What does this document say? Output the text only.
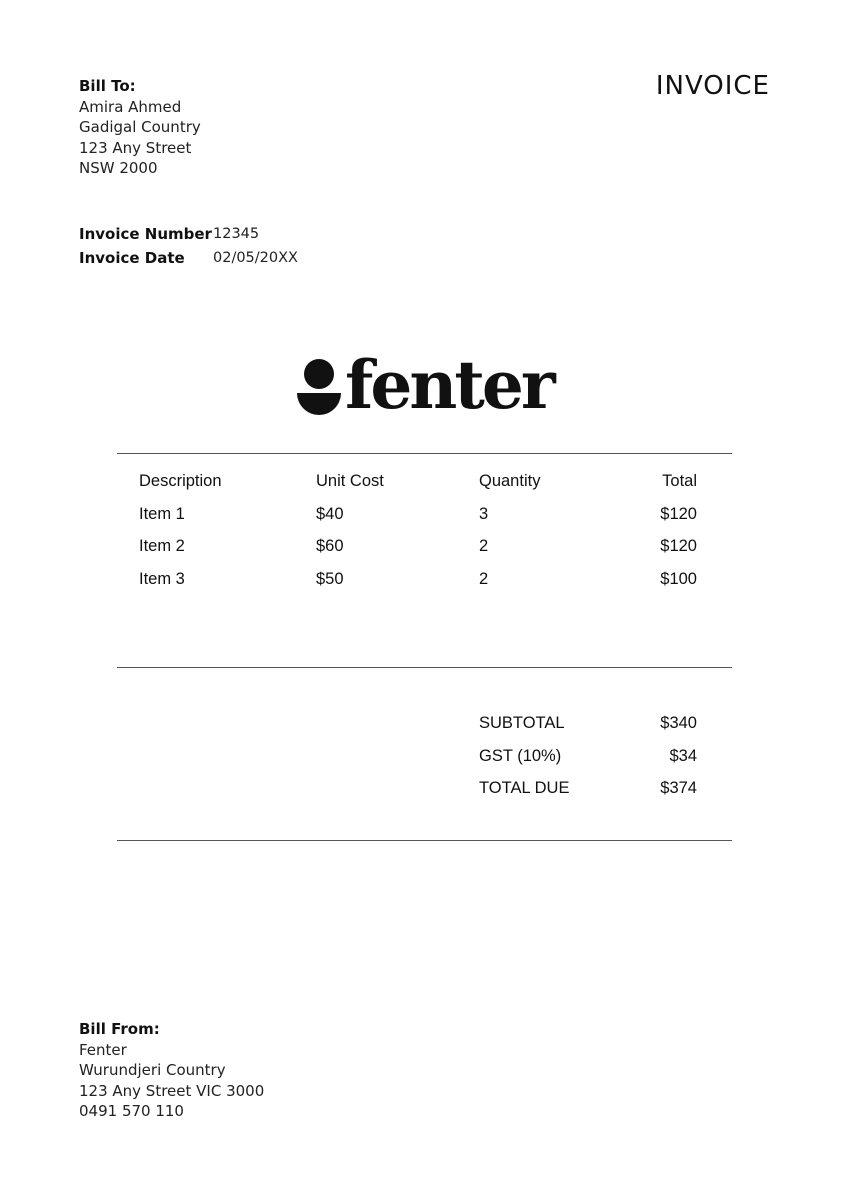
Bill To:
Amira Ahmed
Gadigal Country
123 Any Street
NSW 2000
INVOICE
Invoice Number 12345
Invoice Date	02/05/20XX
fenter
Description	Unit Cost	Quantity	Total
Item 1	$40	3	$120
Item 2	$60	2	$120
Item 3	$50	2	$100
SUBTOTAL	$340
GST (10%)	$34
TOTAL DUE	$374
Bill From:
Fenter
Wurundjeri Country
123 Any Street VIC 3000
0491 570 110
